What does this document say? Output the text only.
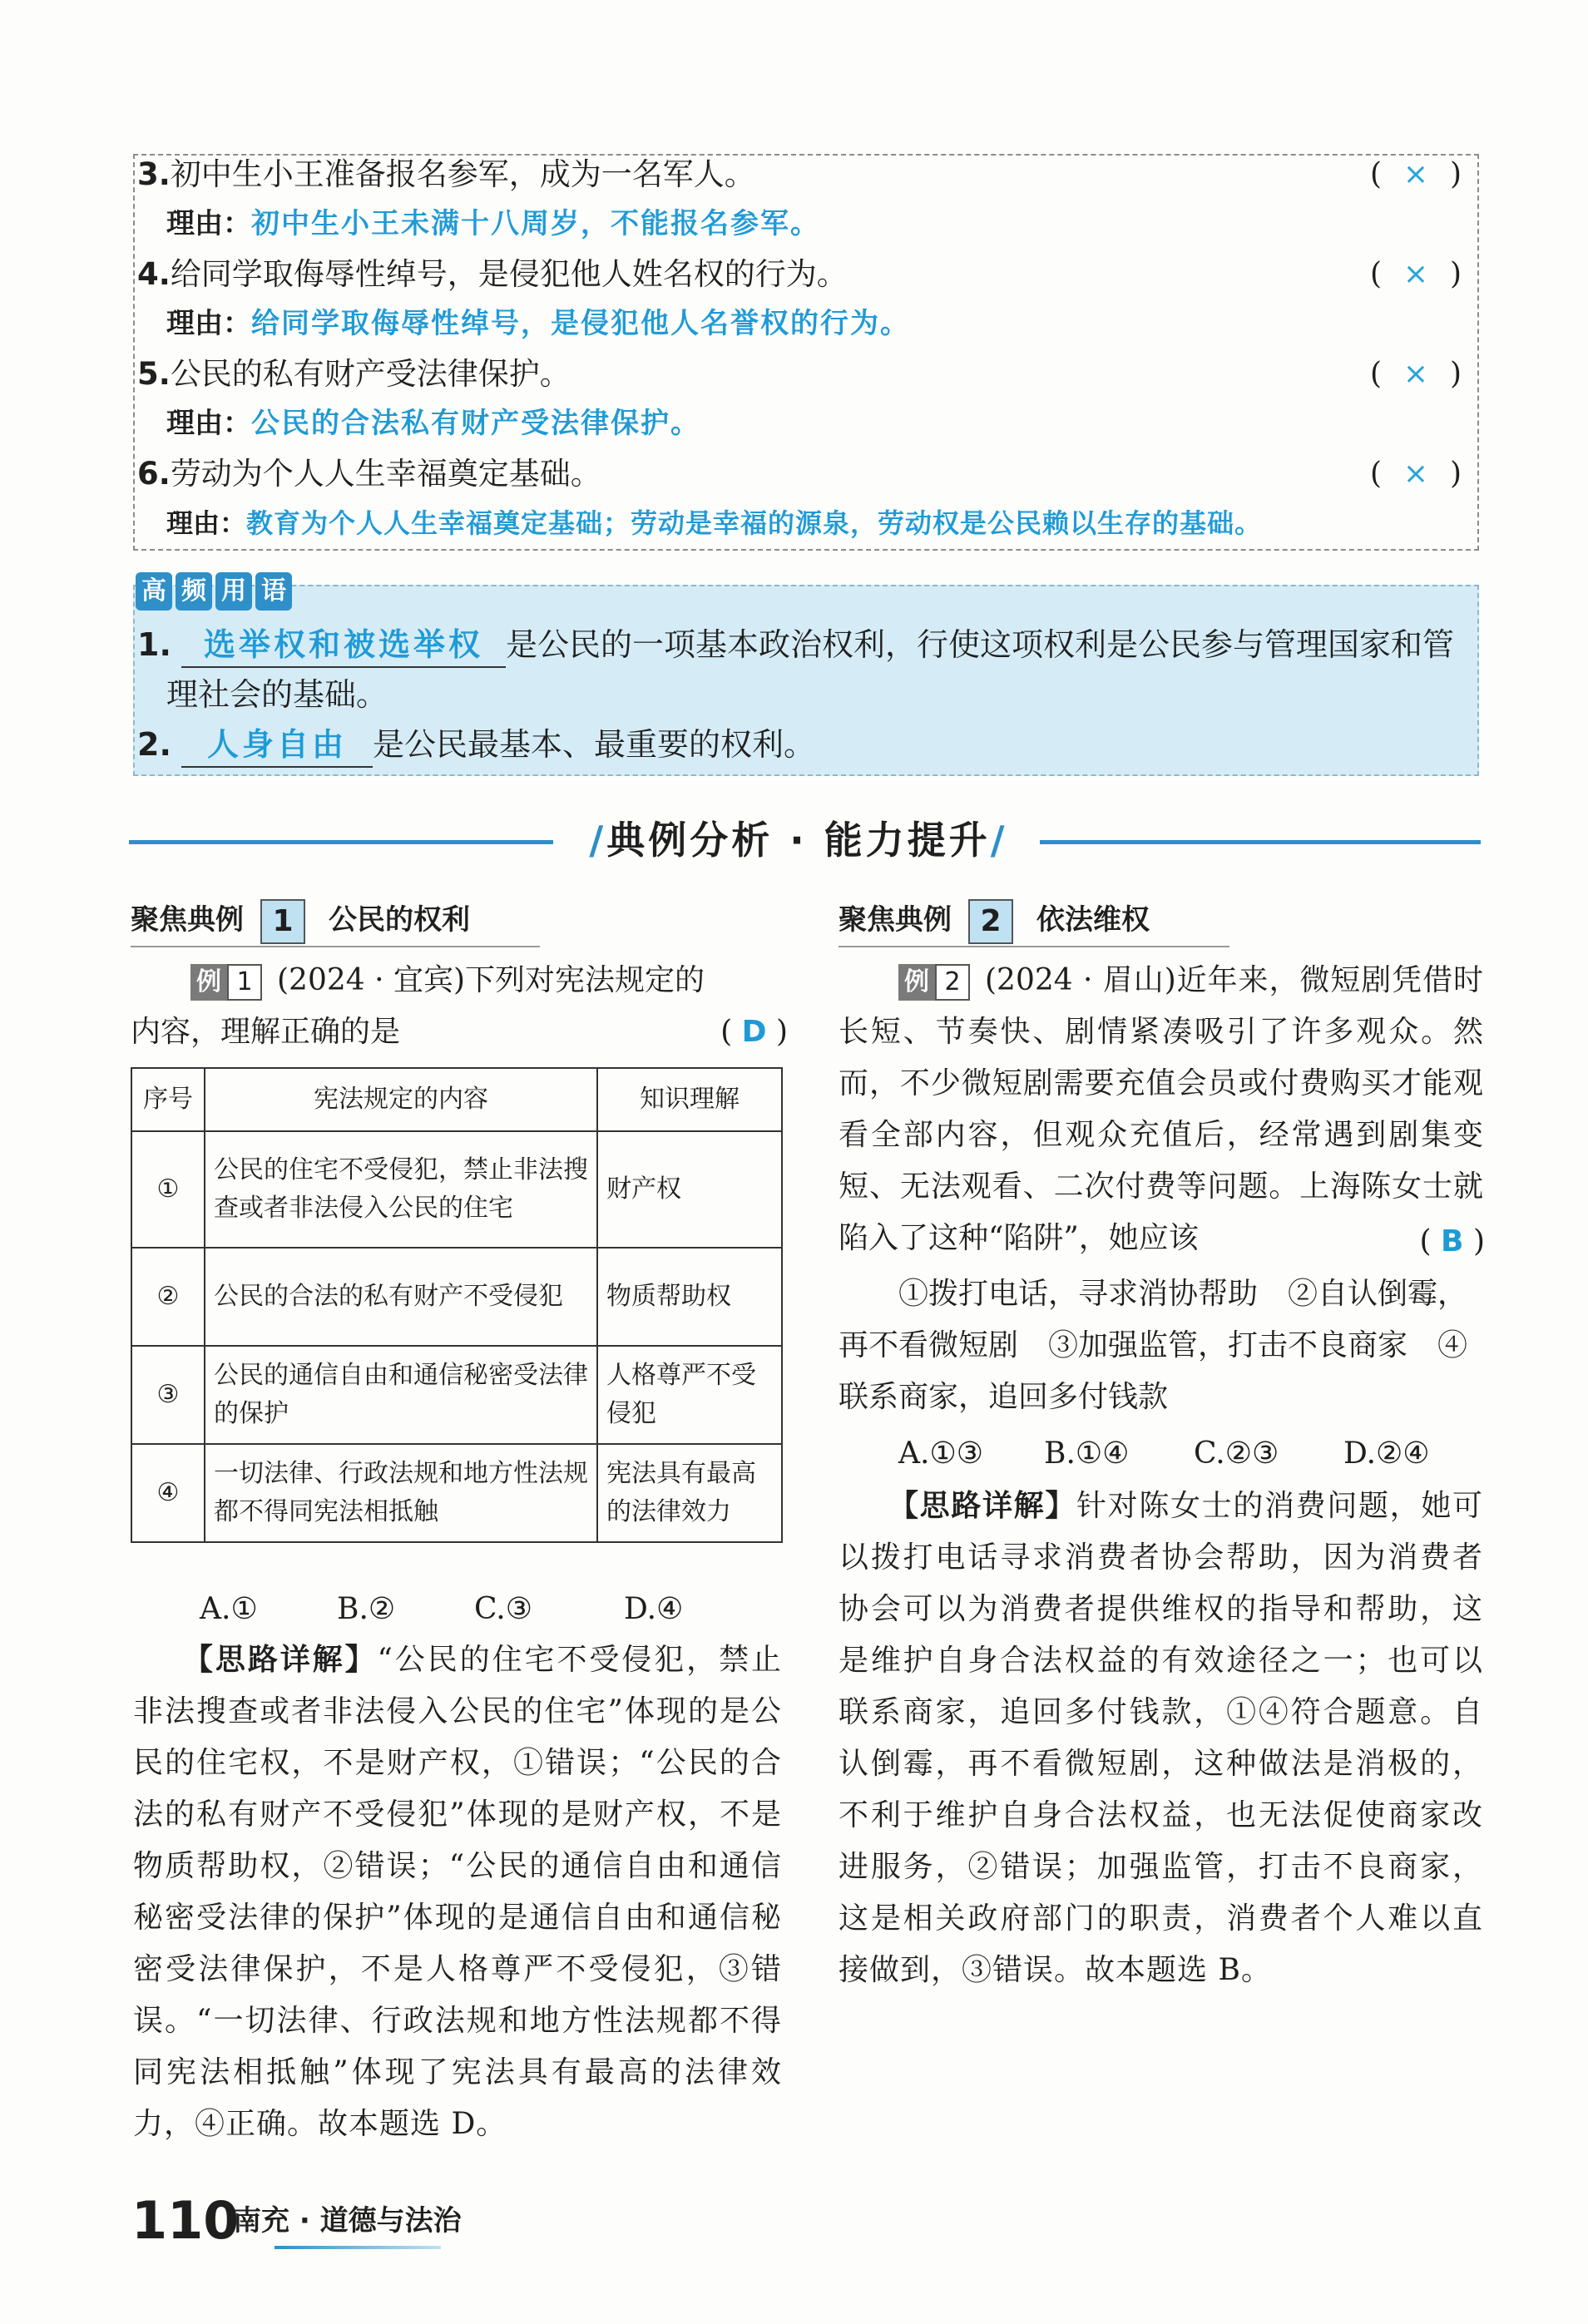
3.初中生小王准备报名参军，成为一名军人。	( × )
理由：初中生小王未满十八周岁，不能报名参军。
4.给同学取侮辱性绰号，是侵犯他人姓名权的行为。	( × )
理由：给同学取侮辱性绰号，是侵犯他人名誉权的行为。
5.公民的私有财产受法律保护。	( × )
理由：公民的合法私有财产受法律保护。
6.劳动为个人人生幸福奠定基础。	( × )
理由：教育为个人人生幸福奠定基础；劳动是幸福的源泉，劳动权是公民赖以生存的基础。
高 频 用 语
1. 选举权和被选举权 是公民的一项基本政治权利，行使这项权利是公民参与管理国家和管
理社会的基础。
2. 人身自由 是公民最基本、最重要的权利。
/典例分析 · 能力提升/
聚焦典例 1 公民的权利
例 1 (2024 · 宜宾)下列对宪法规定的
内容，理解正确的是	( D )
序号	宪法规定的内容	知识理解
①	公民的住宅不受侵犯，禁止非法搜查或者非法侵入公民的住宅	财产权
②	公民的合法的私有财产不受侵犯	物质帮助权
③	公民的通信自由和通信秘密受法律的保护	人格尊严不受侵犯
④	一切法律、行政法规和地方性法规都不得同宪法相抵触	宪法具有最高的法律效力
A.①	B.②	C.③	D.④
【思路详解】“公民的住宅不受侵犯，禁止非法搜查或者非法侵入公民的住宅”体现的是公民的住宅权，不是财产权，①错误；“公民的合法的私有财产不受侵犯”体现的是财产权，不是物质帮助权，②错误；“公民的通信自由和通信秘密受法律的保护”体现的是通信自由和通信秘密受法律保护，不是人格尊严不受侵犯，③错误。“一切法律、行政法规和地方性法规都不得同宪法相抵触”体现了宪法具有最高的法律效力，④正确。故本题选 D。
聚焦典例 2 依法维权
例 2 (2024 · 眉山)近年来，微短剧凭借时长短、节奏快、剧情紧凑吸引了许多观众。然而，不少微短剧需要充值会员或付费购买才能观看全部内容，但观众充值后，经常遇到剧集变短、无法观看、二次付费等问题。上海陈女士就陷入了这种“陷阱”，她应该	( B )
①拨打电话，寻求消协帮助　②自认倒霉，再不看微短剧　③加强监管，打击不良商家　④联系商家，追回多付钱款
A.①③ B.①④ C.②③ D.②④
【思路详解】针对陈女士的消费问题，她可以拨打电话寻求消费者协会帮助，因为消费者协会可以为消费者提供维权的指导和帮助，这是维护自身合法权益的有效途径之一；也可以联系商家，追回多付钱款，①④符合题意。自认倒霉，再不看微短剧，这种做法是消极的，不利于维护自身合法权益，也无法促使商家改进服务，②错误；加强监管，打击不良商家，这是相关政府部门的职责，消费者个人难以直接做到，③错误。故本题选 B。
110
南充 · 道德与法治
